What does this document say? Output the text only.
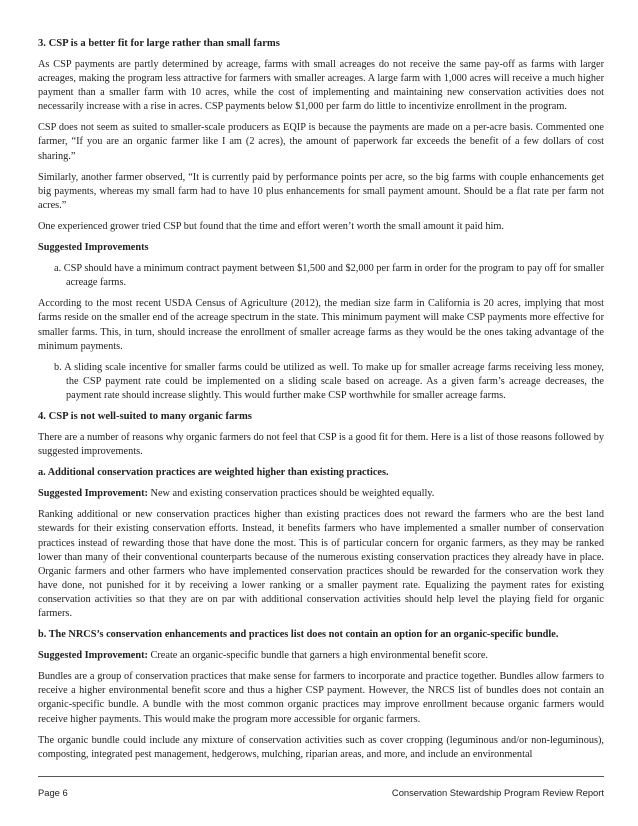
3. CSP is a better fit for large rather than small farms

As CSP payments are partly determined by acreage, farms with small acreages do not receive the same pay-off as farms with larger acreages, making the program less attractive for farmers with smaller acreages. A large farm with 1,000 acres will receive a much higher payment than a smaller farm with 10 acres, while the cost of implementing and maintaining new conservation activities does not necessarily increase with a rise in acres. CSP payments below $1,000 per farm do little to incentivize enrollment in the program.

CSP does not seem as suited to smaller-scale producers as EQIP is because the payments are made on a per-acre basis. Commented one farmer, “If you are an organic farmer like I am (2 acres), the amount of paperwork far exceeds the benefit of a few dollars of cost sharing.”

Similarly, another farmer observed, “It is currently paid by performance points per acre, so the big farms with couple enhancements get big payments, whereas my small farm had to have 10 plus enhancements for small payment amount. Should be a flat rate per farm not acres.”

One experienced grower tried CSP but found that the time and effort weren’t worth the small amount it paid him.

Suggested Improvements

a. CSP should have a minimum contract payment between $1,500 and $2,000 per farm in order for the program to pay off for smaller acreage farms.

According to the most recent USDA Census of Agriculture (2012), the median size farm in California is 20 acres, implying that most farms reside on the smaller end of the acreage spectrum in the state. This minimum payment will make CSP payments more effective for smaller farms. This, in turn, should increase the enrollment of smaller acreage farms as they would be the ones taking advantage of the minimum payments.

b. A sliding scale incentive for smaller farms could be utilized as well. To make up for smaller acreage farms receiving less money, the CSP payment rate could be implemented on a sliding scale based on acreage. As a given farm’s acreage decreases, the payment rate should increase slightly. This would further make CSP worthwhile for smaller acreage farms.

4. CSP is not well-suited to many organic farms

There are a number of reasons why organic farmers do not feel that CSP is a good fit for them. Here is a list of those reasons followed by suggested improvements.

a. Additional conservation practices are weighted higher than existing practices.

Suggested Improvement: New and existing conservation practices should be weighted equally.

Ranking additional or new conservation practices higher than existing practices does not reward the farmers who are the best land stewards for their existing conservation efforts. Instead, it benefits farmers who have implemented a smaller number of conservation practices instead of rewarding those that have done the most. This is of particular concern for organic farmers, as they may be ranked lower than many of their conventional counterparts because of the numerous existing conservation practices they already have in place. Organic farmers and other farmers who have implemented conservation practices should be rewarded for the conservation work they have done, not punished for it by receiving a lower ranking or a smaller payment rate. Equalizing the payment rates for existing conservation activities so that they are on par with additional conservation activities should help level the playing field for organic farmers.

b. The NRCS’s conservation enhancements and practices list does not contain an option for an organic-specific bundle.

Suggested Improvement: Create an organic-specific bundle that garners a high environmental benefit score.

Bundles are a group of conservation practices that make sense for farmers to incorporate and practice together. Bundles allow farmers to receive a higher environmental benefit score and thus a higher CSP payment. However, the NRCS list of bundles does not contain an organic-specific bundle. A bundle with the most common organic practices may improve enrollment because organic farmers would receive higher payments. This would make the program more accessible for organic farmers.

The organic bundle could include any mixture of conservation activities such as cover cropping (leguminous and/or non-leguminous), composting, integrated pest management, hedgerows, mulching, riparian areas, and more, and include an environmental

Page 6	Conservation Stewardship Program Review Report
